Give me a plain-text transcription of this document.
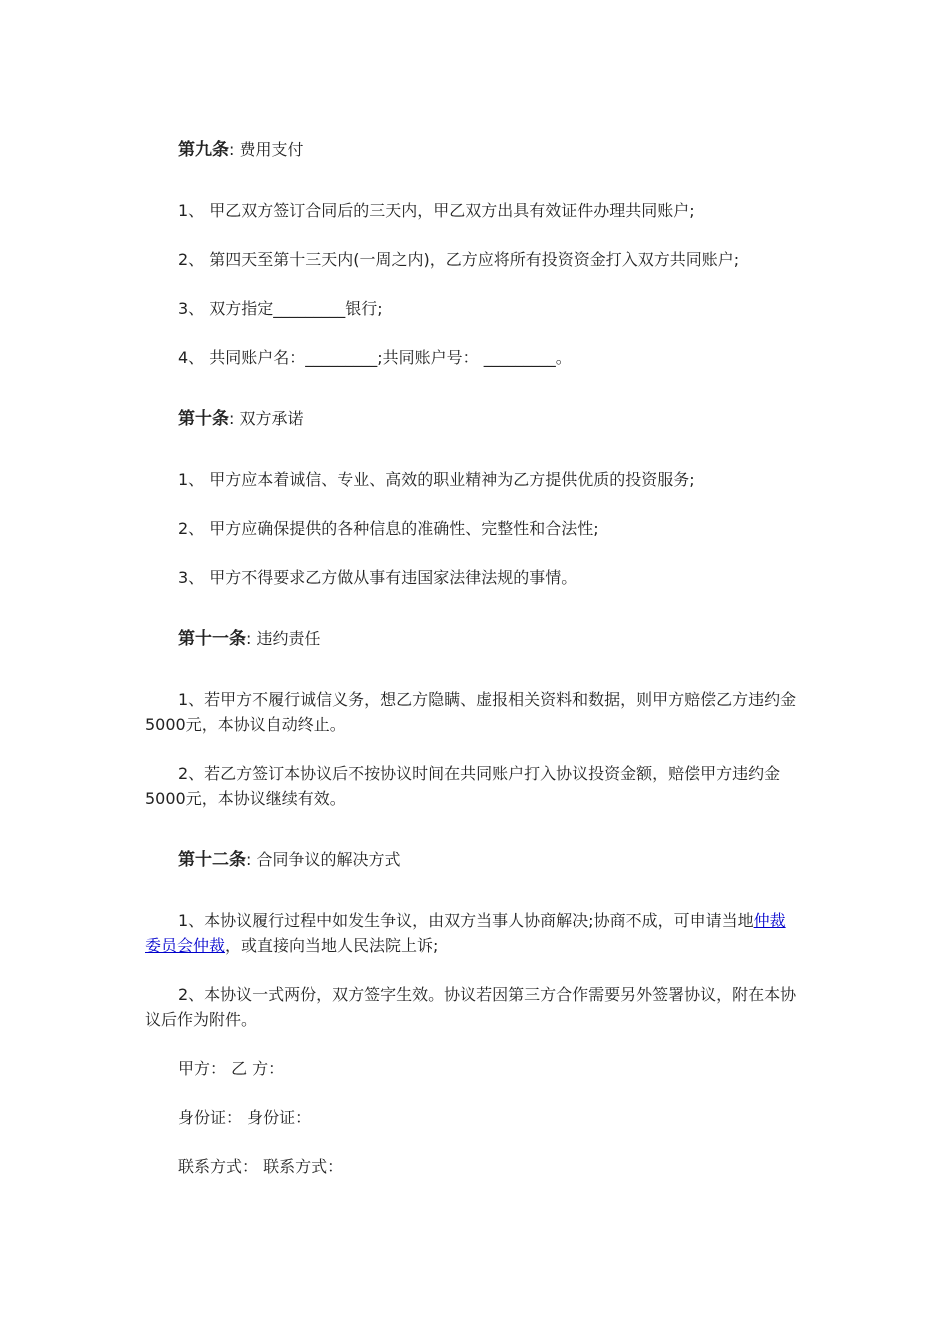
第九条: 费用支付
1、 甲乙双方签订合同后的三天内，甲乙双方出具有效证件办理共同账户;
2、 第四天至第十三天内(一周之内)，乙方应将所有投资资金打入双方共同账户;
3、 双方指定_________银行;
4、 共同账户名：_________;共同账户号： _________。
第十条: 双方承诺
1、 甲方应本着诚信、专业、高效的职业精神为乙方提供优质的投资服务;
2、 甲方应确保提供的各种信息的准确性、完整性和合法性;
3、 甲方不得要求乙方做从事有违国家法律法规的事情。
第十一条: 违约责任
1、若甲方不履行诚信义务，想乙方隐瞒、虚报相关资料和数据，则甲方赔偿乙方违约金
5000元，本协议自动终止。
2、若乙方签订本协议后不按协议时间在共同账户打入协议投资金额，赔偿甲方违约金
5000元，本协议继续有效。
第十二条: 合同争议的解决方式
1、本协议履行过程中如发生争议，由双方当事人协商解决;协商不成，可申请当地仲裁
委员会仲裁，或直接向当地人民法院上诉;
2、本协议一式两份，双方签字生效。协议若因第三方合作需要另外签署协议，附在本协
议后作为附件。
甲方： 乙 方：
身份证： 身份证：
联系方式： 联系方式：
